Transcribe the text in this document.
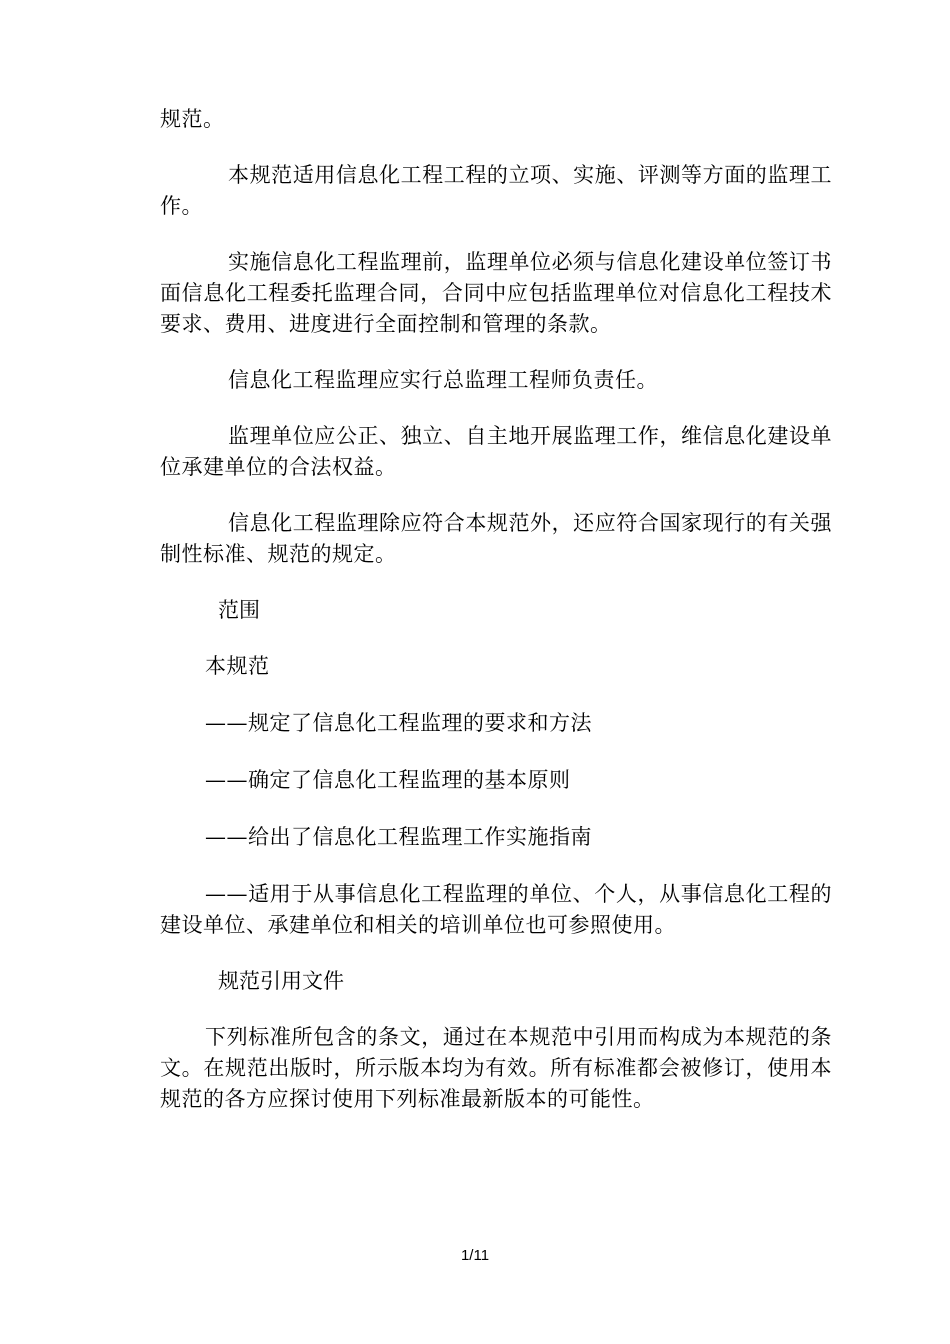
规范。

本规范适用信息化工程工程的立项、实施、评测等方面的监理工作。

实施信息化工程监理前，监理单位必须与信息化建设单位签订书面信息化工程委托监理合同，合同中应包括监理单位对信息化工程技术要求、费用、进度进行全面控制和管理的条款。

信息化工程监理应实行总监理工程师负责任。

监理单位应公正、独立、自主地开展监理工作，维信息化建设单位承建单位的合法权益。

信息化工程监理除应符合本规范外，还应符合国家现行的有关强制性标准、规范的规定。

范围

本规范

——规定了信息化工程监理的要求和方法

——确定了信息化工程监理的基本原则

——给出了信息化工程监理工作实施指南

——适用于从事信息化工程监理的单位、个人，从事信息化工程的建设单位、承建单位和相关的培训单位也可参照使用。

规范引用文件

下列标准所包含的条文，通过在本规范中引用而构成为本规范的条文。在规范出版时，所示版本均为有效。所有标准都会被修订，使用本规范的各方应探讨使用下列标准最新版本的可能性。

1/11
